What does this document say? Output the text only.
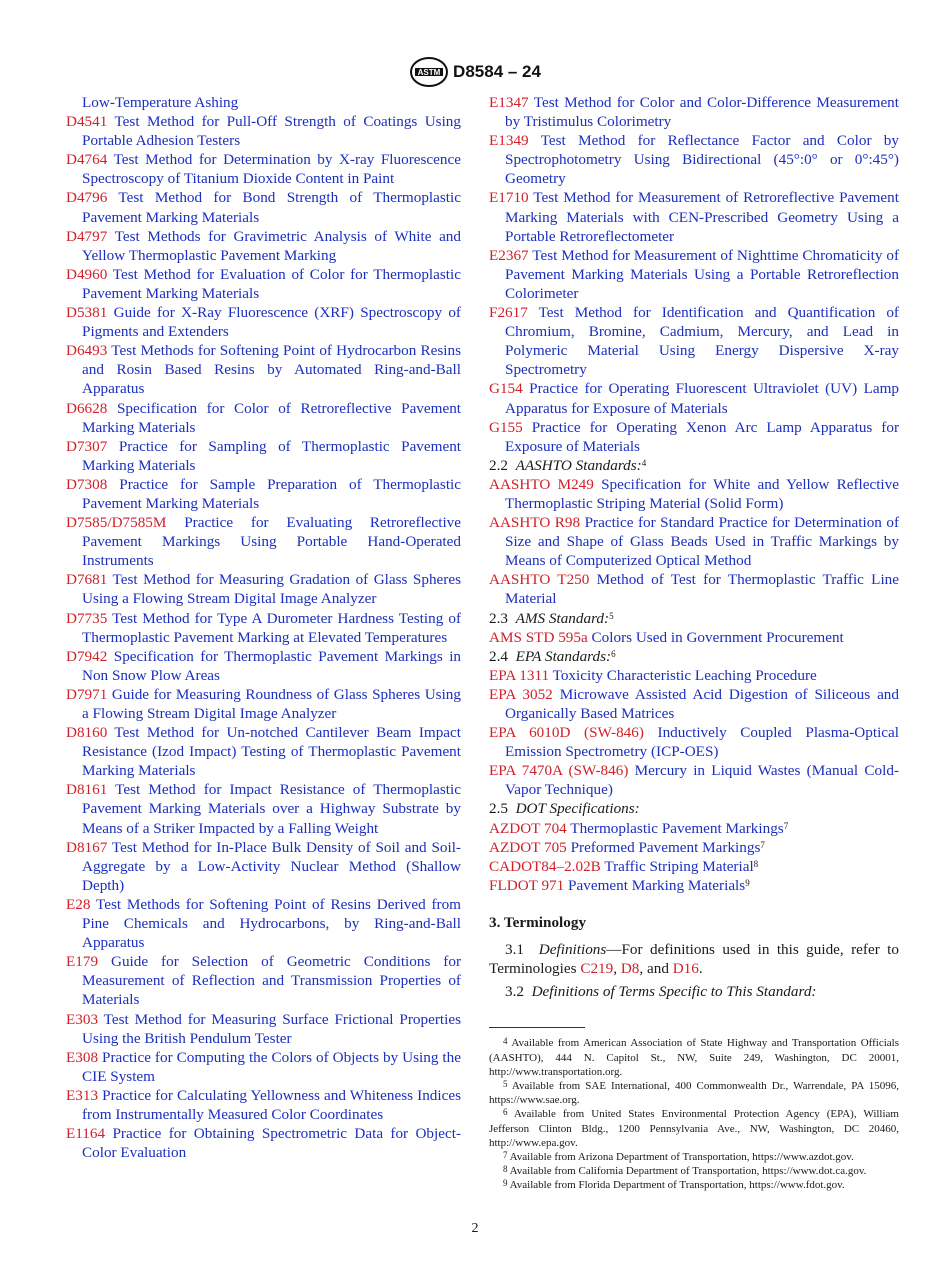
ASTM D8584 – 24

Low-Temperature Ashing

D4541 Test Method for Pull-Off Strength of Coatings Using Portable Adhesion Testers

D4764 Test Method for Determination by X-ray Fluorescence Spectroscopy of Titanium Dioxide Content in Paint

D4796 Test Method for Bond Strength of Thermoplastic Pavement Marking Materials

D4797 Test Methods for Gravimetric Analysis of White and Yellow Thermoplastic Pavement Marking

D4960 Test Method for Evaluation of Color for Thermoplastic Pavement Marking Materials

D5381 Guide for X-Ray Fluorescence (XRF) Spectroscopy of Pigments and Extenders

D6493 Test Methods for Softening Point of Hydrocarbon Resins and Rosin Based Resins by Automated Ring-and-Ball Apparatus

D6628 Specification for Color of Retroreflective Pavement Marking Materials

D7307 Practice for Sampling of Thermoplastic Pavement Marking Materials

D7308 Practice for Sample Preparation of Thermoplastic Pavement Marking Materials

D7585/D7585M Practice for Evaluating Retroreflective Pavement Markings Using Portable Hand-Operated Instruments

D7681 Test Method for Measuring Gradation of Glass Spheres Using a Flowing Stream Digital Image Analyzer

D7735 Test Method for Type A Durometer Hardness Testing of Thermoplastic Pavement Marking at Elevated Temperatures

D7942 Specification for Thermoplastic Pavement Markings in Non Snow Plow Areas

D7971 Guide for Measuring Roundness of Glass Spheres Using a Flowing Stream Digital Image Analyzer

D8160 Test Method for Un-notched Cantilever Beam Impact Resistance (Izod Impact) Testing of Thermoplastic Pavement Marking Materials

D8161 Test Method for Impact Resistance of Thermoplastic Pavement Marking Materials over a Highway Substrate by Means of a Striker Impacted by a Falling Weight

D8167 Test Method for In-Place Bulk Density of Soil and Soil-Aggregate by a Low-Activity Nuclear Method (Shallow Depth)

E28 Test Methods for Softening Point of Resins Derived from Pine Chemicals and Hydrocarbons, by Ring-and-Ball Apparatus

E179 Guide for Selection of Geometric Conditions for Measurement of Reflection and Transmission Properties of Materials

E303 Test Method for Measuring Surface Frictional Properties Using the British Pendulum Tester

E308 Practice for Computing the Colors of Objects by Using the CIE System

E313 Practice for Calculating Yellowness and Whiteness Indices from Instrumentally Measured Color Coordinates

E1164 Practice for Obtaining Spectrometric Data for Object-Color Evaluation

E1347 Test Method for Color and Color-Difference Measurement by Tristimulus Colorimetry

E1349 Test Method for Reflectance Factor and Color by Spectrophotometry Using Bidirectional (45°:0° or 0°:45°) Geometry

E1710 Test Method for Measurement of Retroreflective Pavement Marking Materials with CEN-Prescribed Geometry Using a Portable Retroreflectometer

E2367 Test Method for Measurement of Nighttime Chromaticity of Pavement Marking Materials Using a Portable Retroreflection Colorimeter

F2617 Test Method for Identification and Quantification of Chromium, Bromine, Cadmium, Mercury, and Lead in Polymeric Material Using Energy Dispersive X-ray Spectrometry

G154 Practice for Operating Fluorescent Ultraviolet (UV) Lamp Apparatus for Exposure of Materials

G155 Practice for Operating Xenon Arc Lamp Apparatus for Exposure of Materials

2.2 AASHTO Standards:$^4$

AASHTO M249 Specification for White and Yellow Reflective Thermoplastic Striping Material (Solid Form)

AASHTO R98 Practice for Standard Practice for Determination of Size and Shape of Glass Beads Used in Traffic Markings by Means of Computerized Optical Method

AASHTO T250 Method of Test for Thermoplastic Traffic Line Material

2.3 AMS Standard:$^5$

AMS STD 595a Colors Used in Government Procurement

2.4 EPA Standards:$^6$

EPA 1311 Toxicity Characteristic Leaching Procedure

EPA 3052 Microwave Assisted Acid Digestion of Siliceous and Organically Based Matrices

EPA 6010D (SW-846) Inductively Coupled Plasma-Optical Emission Spectrometry (ICP-OES)

EPA 7470A (SW-846) Mercury in Liquid Wastes (Manual Cold-Vapor Technique)

2.5 DOT Specifications:

AZDOT 704 Thermoplastic Pavement Markings$^7$

AZDOT 705 Preformed Pavement Markings$^7$

CADOT84–2.02B Traffic Striping Material$^8$

FLDOT 971 Pavement Marking Materials$^9$

3. Terminology

3.1 Definitions—For definitions used in this guide, refer to Terminologies C219, D8, and D16.

3.2 Definitions of Terms Specific to This Standard:

$^4$ Available from American Association of State Highway and Transportation Officials (AASHTO), 444 N. Capitol St., NW, Suite 249, Washington, DC 20001, http://www.transportation.org.

$^5$ Available from SAE International, 400 Commonwealth Dr., Warrendale, PA 15096, https://www.sae.org.

$^6$ Available from United States Environmental Protection Agency (EPA), William Jefferson Clinton Bldg., 1200 Pennsylvania Ave., NW, Washington, DC 20460, http://www.epa.gov.

$^7$ Available from Arizona Department of Transportation, https://www.azdot.gov.

$^8$ Available from California Department of Transportation, https://www.dot.ca.gov.

$^9$ Available from Florida Department of Transportation, https://www.fdot.gov.

2
